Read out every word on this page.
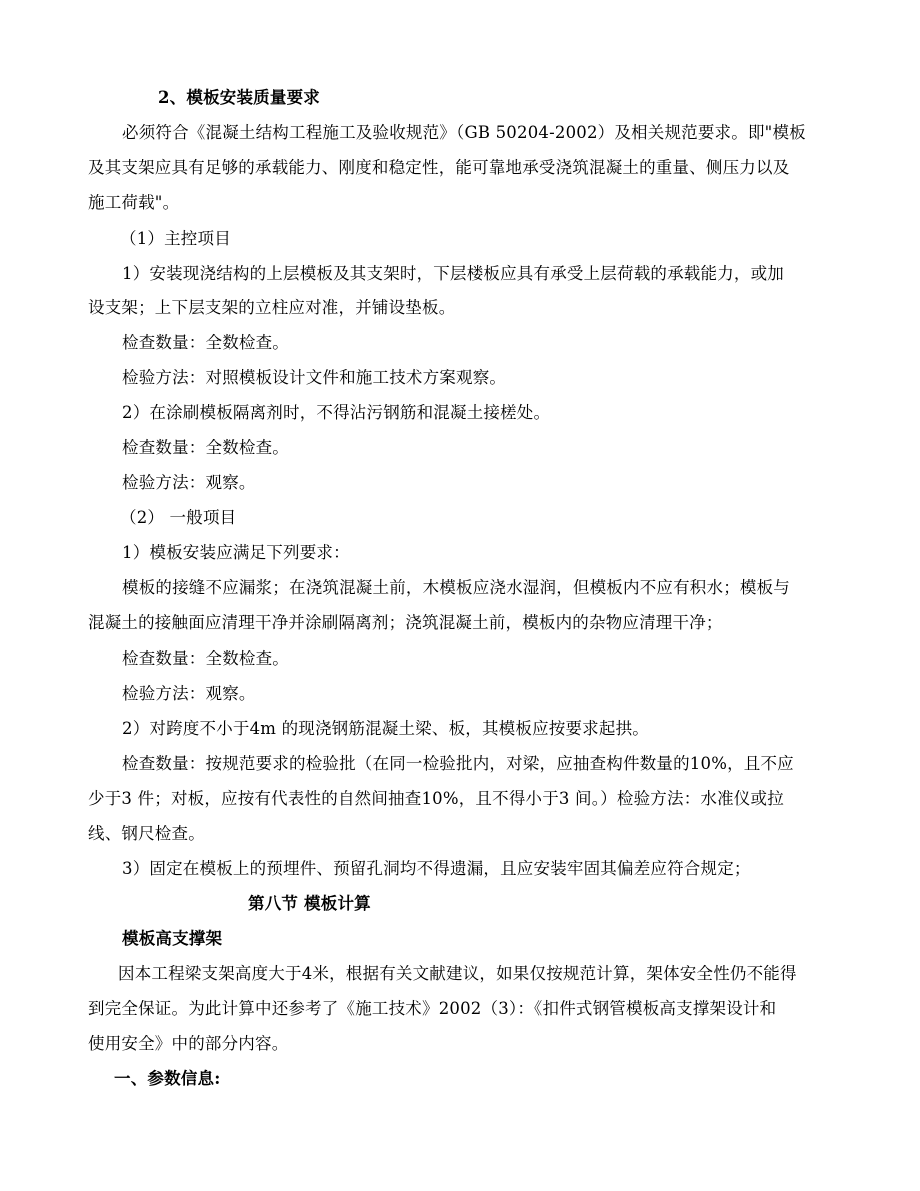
2、模板安装质量要求
必须符合《混凝土结构工程施工及验收规范》（GB 50204-2002）及相关规范要求。即"模板
及其支架应具有足够的承载能力、刚度和稳定性，能可靠地承受浇筑混凝土的重量、侧压力以及
施工荷载"。
（1）主控项目
1）安装现浇结构的上层模板及其支架时，下层楼板应具有承受上层荷载的承载能力，或加
设支架；上下层支架的立柱应对准，并铺设垫板。
检查数量：全数检查。
检验方法：对照模板设计文件和施工技术方案观察。
2）在涂刷模板隔离剂时，不得沾污钢筋和混凝土接槎处。
检查数量：全数检查。
检验方法：观察。
（2） 一般项目
1）模板安装应满足下列要求：
模板的接缝不应漏浆；在浇筑混凝土前，木模板应浇水湿润，但模板内不应有积水；模板与
混凝土的接触面应清理干净并涂刷隔离剂；浇筑混凝土前，模板内的杂物应清理干净；
检查数量：全数检查。
检验方法：观察。
2）对跨度不小于4m 的现浇钢筋混凝土梁、板，其模板应按要求起拱。
检查数量：按规范要求的检验批（在同一检验批内，对梁，应抽查构件数量的10%，且不应
少于3 件；对板，应按有代表性的自然间抽查10%，且不得小于3 间。）检验方法：水准仪或拉
线、钢尺检查。
3）固定在模板上的预埋件、预留孔洞均不得遗漏，且应安装牢固其偏差应符合规定；
第八节 模板计算
模板高支撑架
因本工程梁支架高度大于4米，根据有关文献建议，如果仅按规范计算，架体安全性仍不能得
到完全保证。为此计算中还参考了《施工技术》2002（3）：《扣件式钢管模板高支撑架设计和
使用安全》中的部分内容。
一、参数信息:
